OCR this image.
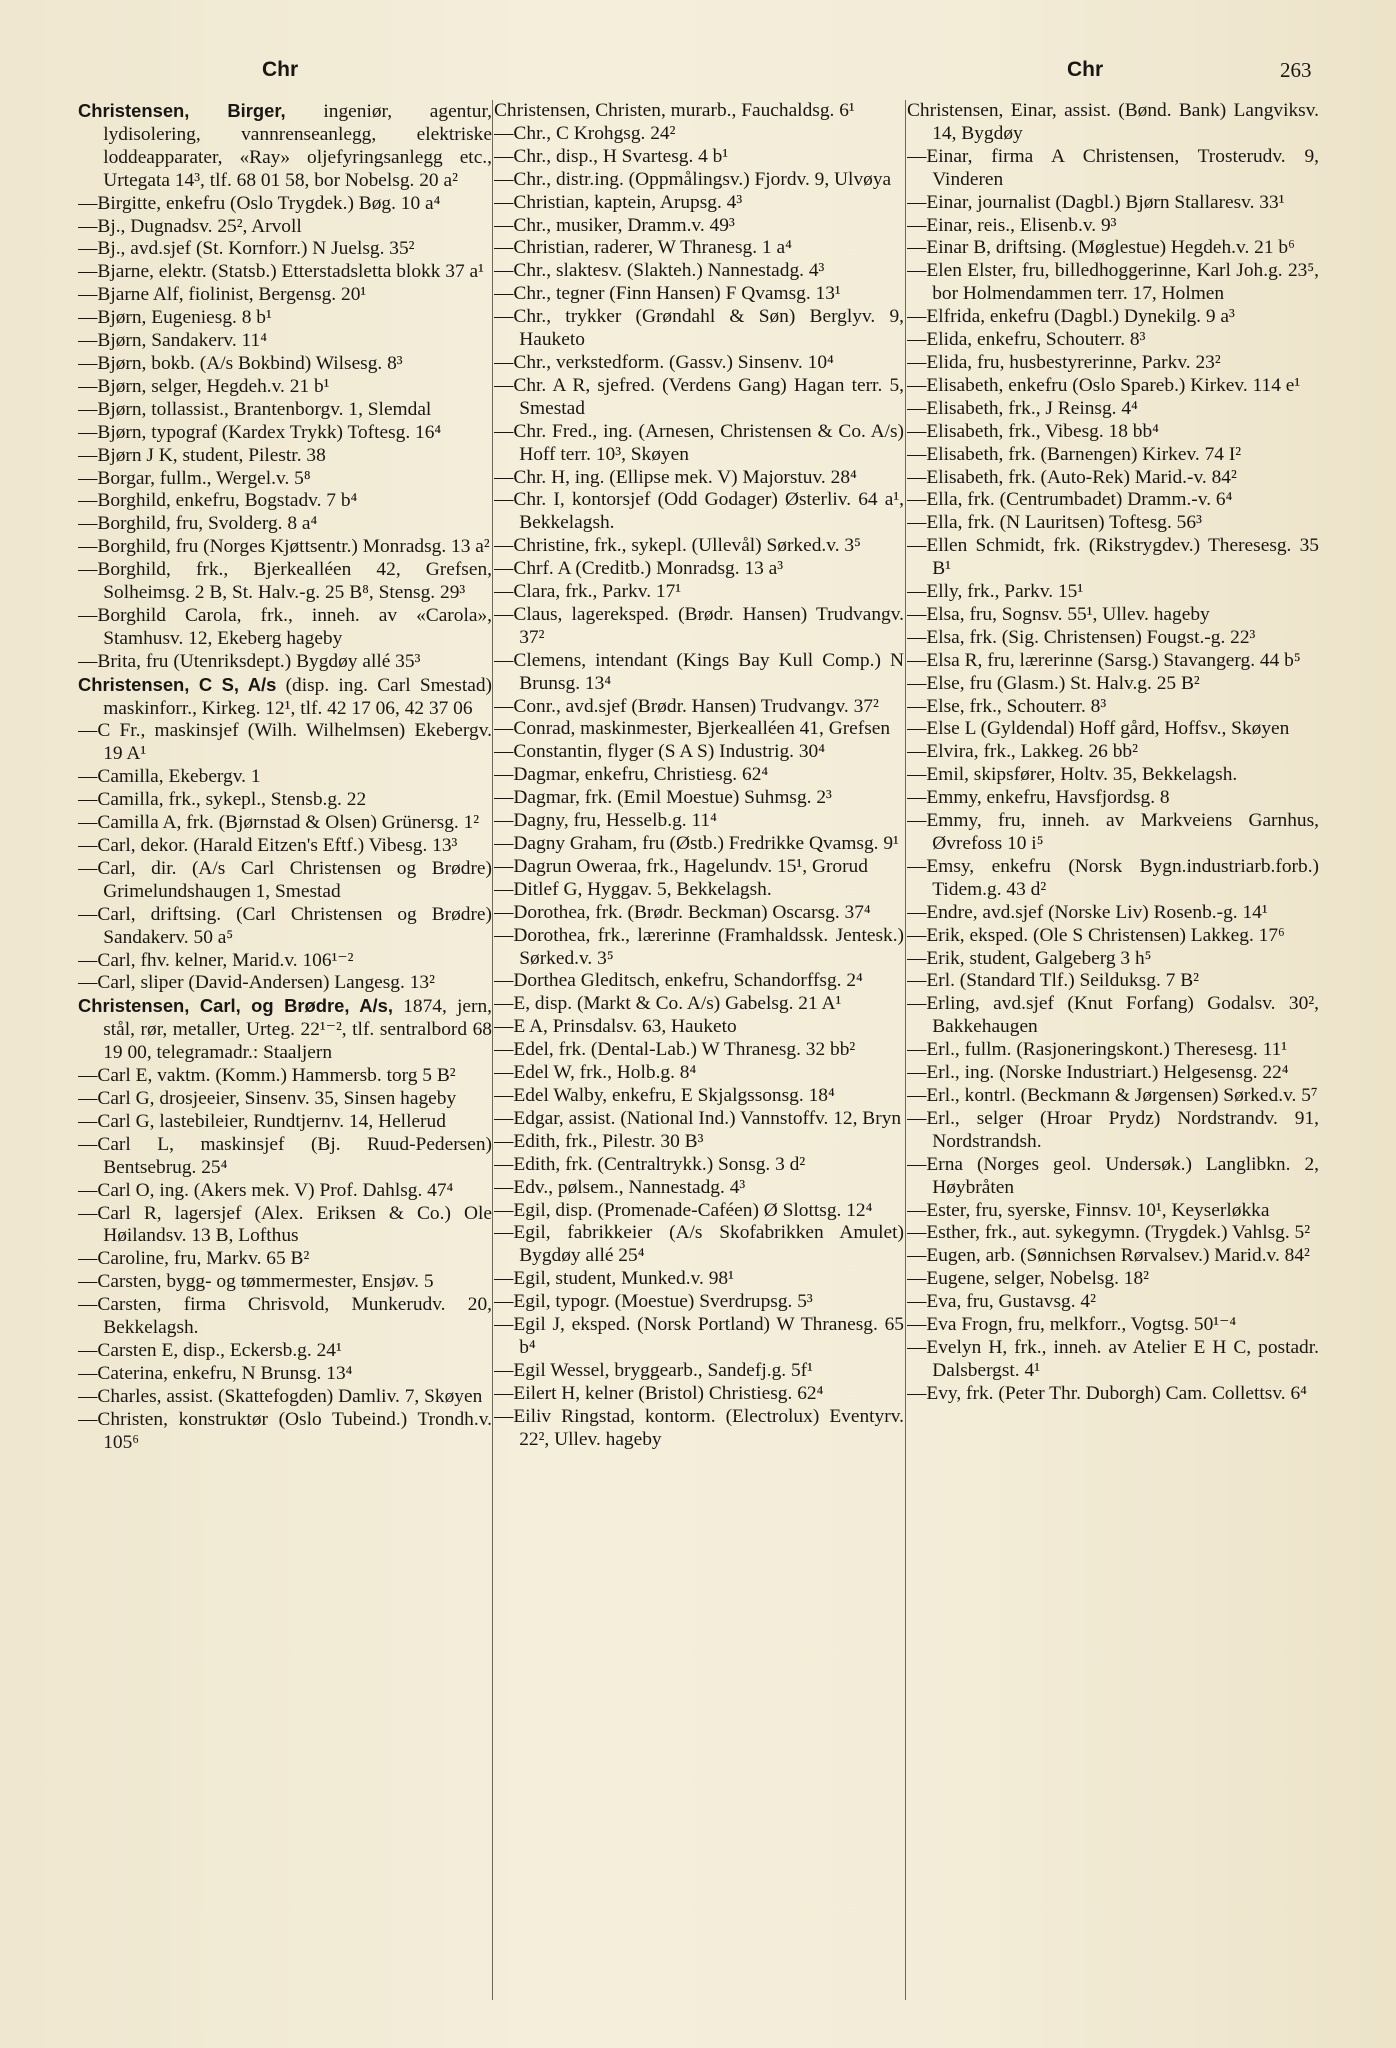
Chr	Chr	263

Christensen, Birger, ingeniør, agentur, lydisolering, vannrenseanlegg, elektriske loddeapparater, «Ray» oljefyringsanlegg etc., Urtegata 14³, tlf. 68 01 58, bor Nobelsg. 20 a²

—Birgitte, enkefru (Oslo Trygdek.) Bøg. 10 a⁴

—Bj., Dugnadsv. 25², Arvoll

—Bj., avd.sjef (St. Kornforr.) N Juelsg. 35²

—Bjarne, elektr. (Statsb.) Etterstadsletta blokk 37 a¹

—Bjarne Alf, fiolinist, Bergensg. 20¹

—Bjørn, Eugeniesg. 8 b¹

—Bjørn, Sandakerv. 11⁴

—Bjørn, bokb. (A/s Bokbind) Wilsesg. 8³

—Bjørn, selger, Hegdeh.v. 21 b¹

—Bjørn, tollassist., Brantenborgv. 1, Slemdal

—Bjørn, typograf (Kardex Trykk) Toftesg. 16⁴

—Bjørn J K, student, Pilestr. 38

—Borgar, fullm., Wergel.v. 5⁸

—Borghild, enkefru, Bogstadv. 7 b⁴

—Borghild, fru, Svolderg. 8 a⁴

—Borghild, fru (Norges Kjøttsentr.) Monradsg. 13 a²

—Borghild, frk., Bjerkealléen 42, Grefsen, Solheimsg. 2 B, St. Halv.-g. 25 B⁸, Stensg. 29³

—Borghild Carola, frk., inneh. av «Carola», Stamhusv. 12, Ekeberg hageby

—Brita, fru (Utenriksdept.) Bygdøy allé 35³

Christensen, C S, A/s (disp. ing. Carl Smestad) maskinforr., Kirkeg. 12¹, tlf. 42 17 06, 42 37 06

—C Fr., maskinsjef (Wilh. Wilhelmsen) Ekebergv. 19 A¹

—Camilla, Ekebergv. 1

—Camilla, frk., sykepl., Stensb.g. 22

—Camilla A, frk. (Bjørnstad & Olsen) Grünersg. 1²

—Carl, dekor. (Harald Eitzen's Eftf.) Vibesg. 13³

—Carl, dir. (A/s Carl Christensen og Brødre) Grimelundshaugen 1, Smestad

—Carl, driftsing. (Carl Christensen og Brødre) Sandakerv. 50 a⁵

—Carl, fhv. kelner, Marid.v. 106¹⁻²

—Carl, sliper (David-Andersen) Langesg. 13²

Christensen, Carl, og Brødre, A/s, 1874, jern, stål, rør, metaller, Urteg. 22¹⁻², tlf. sentralbord 68 19 00, telegramadr.: Staaljern

—Carl E, vaktm. (Komm.) Hammersb. torg 5 B²

—Carl G, drosjeeier, Sinsenv. 35, Sinsen hageby

—Carl G, lastebileier, Rundtjernv. 14, Hellerud

—Carl L, maskinsjef (Bj. Ruud-Pedersen) Bentsebrug. 25⁴

—Carl O, ing. (Akers mek. V) Prof. Dahlsg. 47⁴

—Carl R, lagersjef (Alex. Eriksen & Co.) Ole Høilandsv. 13 B, Lofthus

—Caroline, fru, Markv. 65 B²

—Carsten, bygg- og tømmermester, Ensjøv. 5

—Carsten, firma Chrisvold, Munkerudv. 20, Bekkelagsh.

—Carsten E, disp., Eckersb.g. 24¹

—Caterina, enkefru, N Brunsg. 13⁴

—Charles, assist. (Skattefogden) Damliv. 7, Skøyen

—Christen, konstruktør (Oslo Tubeind.) Trondh.v. 105⁶

Christensen, Christen, murarb., Fauchaldsg. 6¹

—Chr., C Krohgsg. 24²

—Chr., disp., H Svartesg. 4 b¹

—Chr., distr.ing. (Oppmålingsv.) Fjordv. 9, Ulvøya

—Christian, kaptein, Arupsg. 4³

—Chr., musiker, Dramm.v. 49³

—Christian, raderer, W Thranesg. 1 a⁴

—Chr., slaktesv. (Slakteh.) Nannestadg. 4³

—Chr., tegner (Finn Hansen) F Qvamsg. 13¹

—Chr., trykker (Grøndahl & Søn) Berglyv. 9, Hauketo

—Chr., verkstedform. (Gassv.) Sinsenv. 10⁴

—Chr. A R, sjefred. (Verdens Gang) Hagan terr. 5, Smestad

—Chr. Fred., ing. (Arnesen, Christensen & Co. A/s) Hoff terr. 10³, Skøyen

—Chr. H, ing. (Ellipse mek. V) Majorstuv. 28⁴

—Chr. I, kontorsjef (Odd Godager) Østerliv. 64 a¹, Bekkelagsh.

—Christine, frk., sykepl. (Ullevål) Sørked.v. 3⁵

—Chrf. A (Creditb.) Monradsg. 13 a³

—Clara, frk., Parkv. 17¹

—Claus, lagereksped. (Brødr. Hansen) Trudvangv. 37²

—Clemens, intendant (Kings Bay Kull Comp.) N Brunsg. 13⁴

—Conr., avd.sjef (Brødr. Hansen) Trudvangv. 37²

—Conrad, maskinmester, Bjerkealléen 41, Grefsen

—Constantin, flyger (S A S) Industrig. 30⁴

—Dagmar, enkefru, Christiesg. 62⁴

—Dagmar, frk. (Emil Moestue) Suhmsg. 2³

—Dagny, fru, Hesselb.g. 11⁴

—Dagny Graham, fru (Østb.) Fredrikke Qvamsg. 9¹

—Dagrun Oweraa, frk., Hagelundv. 15¹, Grorud

—Ditlef G, Hyggav. 5, Bekkelagsh.

—Dorothea, frk. (Brødr. Beckman) Oscarsg. 37⁴

—Dorothea, frk., lærerinne (Framhaldssk. Jentesk.) Sørked.v. 3⁵

—Dorthea Gleditsch, enkefru, Schandorffsg. 2⁴

—E, disp. (Markt & Co. A/s) Gabelsg. 21 A¹

—E A, Prinsdalsv. 63, Hauketo

—Edel, frk. (Dental-Lab.) W Thranesg. 32 bb²

—Edel W, frk., Holb.g. 8⁴

—Edel Walby, enkefru, E Skjalgssonsg. 18⁴

—Edgar, assist. (National Ind.) Vannstoffv. 12, Bryn

—Edith, frk., Pilestr. 30 B³

—Edith, frk. (Centraltrykk.) Sonsg. 3 d²

—Edv., pølsem., Nannestadg. 4³

—Egil, disp. (Promenade-Caféen) Ø Slottsg. 12⁴

—Egil, fabrikkeier (A/s Skofabrikken Amulet) Bygdøy allé 25⁴

—Egil, student, Munked.v. 98¹

—Egil, typogr. (Moestue) Sverdrupsg. 5³

—Egil J, eksped. (Norsk Portland) W Thranesg. 65 b⁴

—Egil Wessel, bryggearb., Sandefj.g. 5f¹

—Eilert H, kelner (Bristol) Christiesg. 62⁴

—Eiliv Ringstad, kontorm. (Electrolux) Eventyrv. 22², Ullev. hageby

Christensen, Einar, assist. (Bønd. Bank) Langviksv. 14, Bygdøy

—Einar, firma A Christensen, Trosterudv. 9, Vinderen

—Einar, journalist (Dagbl.) Bjørn Stallaresv. 33¹

—Einar, reis., Elisenb.v. 9³

—Einar B, driftsing. (Møglestue) Hegdeh.v. 21 b⁶

—Elen Elster, fru, billedhoggerinne, Karl Joh.g. 23⁵, bor Holmendammen terr. 17, Holmen

—Elfrida, enkefru (Dagbl.) Dynekilg. 9 a³

—Elida, enkefru, Schouterr. 8³

—Elida, fru, husbestyrerinne, Parkv. 23²

—Elisabeth, enkefru (Oslo Spareb.) Kirkev. 114 e¹

—Elisabeth, frk., J Reinsg. 4⁴

—Elisabeth, frk., Vibesg. 18 bb⁴

—Elisabeth, frk. (Barnengen) Kirkev. 74 I²

—Elisabeth, frk. (Auto-Rek) Marid.-v. 84²

—Ella, frk. (Centrumbadet) Dramm.-v. 6⁴

—Ella, frk. (N Lauritsen) Toftesg. 56³

—Ellen Schmidt, frk. (Rikstrygdev.) Theresesg. 35 B¹

—Elly, frk., Parkv. 15¹

—Elsa, fru, Sognsv. 55¹, Ullev. hageby

—Elsa, frk. (Sig. Christensen) Fougst.-g. 22³

—Elsa R, fru, lærerinne (Sarsg.) Stavangerg. 44 b⁵

—Else, fru (Glasm.) St. Halv.g. 25 B²

—Else, frk., Schouterr. 8³

—Else L (Gyldendal) Hoff gård, Hoffsv., Skøyen

—Elvira, frk., Lakkeg. 26 bb²

—Emil, skipsfører, Holtv. 35, Bekkelagsh.

—Emmy, enkefru, Havsfjordsg. 8

—Emmy, fru, inneh. av Markveiens Garnhus, Øvrefoss 10 i⁵

—Emsy, enkefru (Norsk Bygn.industriarb.forb.) Tidem.g. 43 d²

—Endre, avd.sjef (Norske Liv) Rosenb.-g. 14¹

—Erik, eksped. (Ole S Christensen) Lakkeg. 17⁶

—Erik, student, Galgeberg 3 h⁵

—Erl. (Standard Tlf.) Seilduksg. 7 B²

—Erling, avd.sjef (Knut Forfang) Godalsv. 30², Bakkehaugen

—Erl., fullm. (Rasjoneringskont.) Theresesg. 11¹

—Erl., ing. (Norske Industriart.) Helgesensg. 22⁴

—Erl., kontrl. (Beckmann & Jørgensen) Sørked.v. 5⁷

—Erl., selger (Hroar Prydz) Nordstrandv. 91, Nordstrandsh.

—Erna (Norges geol. Undersøk.) Langlibkn. 2, Høybråten

—Ester, fru, syerske, Finnsv. 10¹, Keyserløkka

—Esther, frk., aut. sykegymn. (Trygdek.) Vahlsg. 5²

—Eugen, arb. (Sønnichsen Rørvalsev.) Marid.v. 84²

—Eugene, selger, Nobelsg. 18²

—Eva, fru, Gustavsg. 4²

—Eva Frogn, fru, melkforr., Vogtsg. 50¹⁻⁴

—Evelyn H, frk., inneh. av Atelier E H C, postadr. Dalsbergst. 4¹

—Evy, frk. (Peter Thr. Duborgh) Cam. Collettsv. 6⁴
